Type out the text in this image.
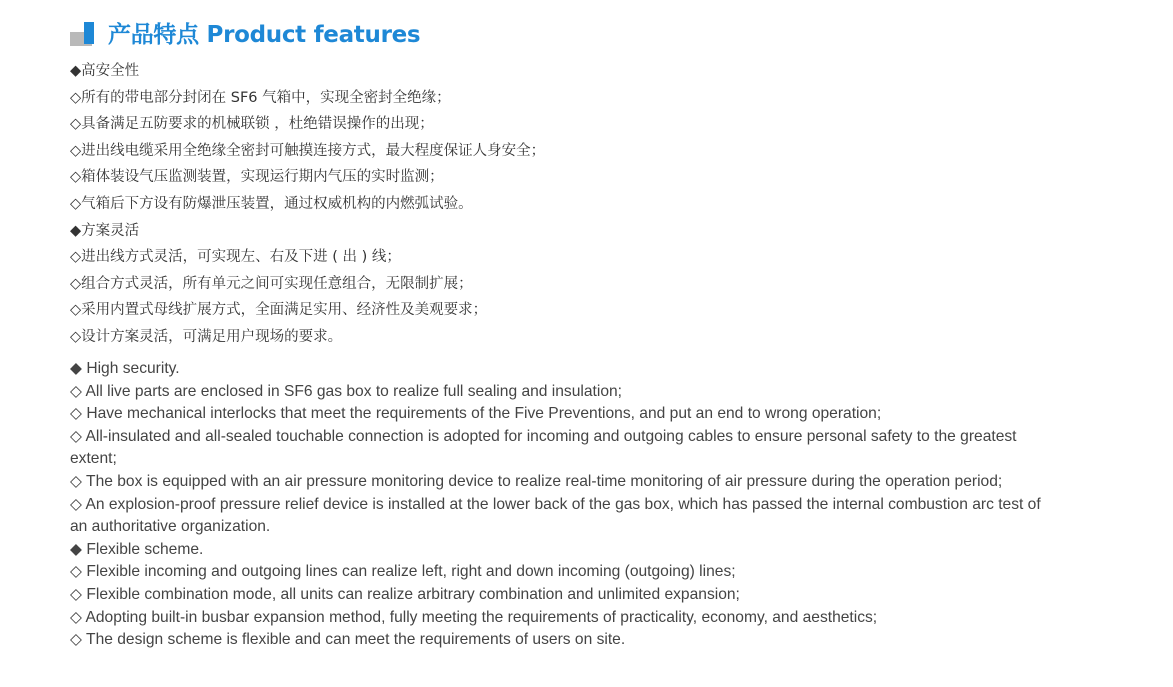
产品特点 Product features
◆高安全性
◇所有的带电部分封闭在 SF6 气箱中，实现全密封全绝缘；
◇具备满足五防要求的机械联锁 ，杜绝错误操作的出现；
◇进出线电缆采用全绝缘全密封可触摸连接方式，最大程度保证人身安全；
◇箱体装设气压监测装置，实现运行期内气压的实时监测；
◇气箱后下方设有防爆泄压装置，通过权威机构的内燃弧试验。
◆方案灵活
◇进出线方式灵活，可实现左、右及下进 ( 出 ) 线；
◇组合方式灵活，所有单元之间可实现任意组合，无限制扩展；
◇采用内置式母线扩展方式，全面满足实用、经济性及美观要求；
◇设计方案灵活，可满足用户现场的要求。
◆ High security.
◇ All live parts are enclosed in SF6 gas box to realize full sealing and insulation;
◇ Have mechanical interlocks that meet the requirements of the Five Preventions, and put an end to wrong operation;
◇ All-insulated and all-sealed touchable connection is adopted for incoming and outgoing cables to ensure personal safety to the greatest extent;
◇ The box is equipped with an air pressure monitoring device to realize real-time monitoring of air pressure during the operation period;
◇ An explosion-proof pressure relief device is installed at the lower back of the gas box, which has passed the internal combustion arc test of an authoritative organization.
◆ Flexible scheme.
◇ Flexible incoming and outgoing lines can realize left, right and down incoming (outgoing) lines;
◇ Flexible combination mode, all units can realize arbitrary combination and unlimited expansion;
◇ Adopting built-in busbar expansion method, fully meeting the requirements of practicality, economy, and aesthetics;
◇ The design scheme is flexible and can meet the requirements of users on site.
